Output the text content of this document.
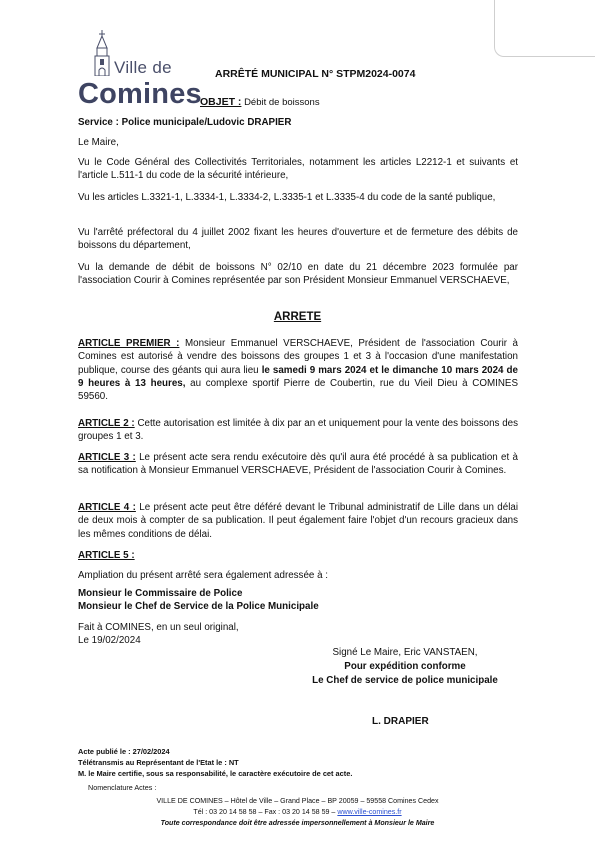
Ville de
Comines
ARRÊTÉ MUNICIPAL N° STPM2024-0074
OBJET : Débit de boissons
Service : Police municipale/Ludovic DRAPIER
Le Maire,
Vu le Code Général des Collectivités Territoriales, notamment les articles L2212-1 et suivants et l'article L.511-1 du code de la sécurité intérieure,
Vu les articles L.3321-1, L.3334-1, L.3334-2, L.3335-1 et L.3335-4 du code de la santé publique,
Vu l'arrêté préfectoral du 4 juillet 2002 fixant les heures d'ouverture et de fermeture des débits de boissons du département,
Vu la demande de débit de boissons N° 02/10 en date du 21 décembre 2023 formulée par l'association Courir à Comines représentée par son Président Monsieur Emmanuel VERSCHAEVE,
ARRETE
ARTICLE PREMIER : Monsieur Emmanuel VERSCHAEVE, Président de l'association Courir à Comines est autorisé à vendre des boissons des groupes 1 et 3 à l'occasion d'une manifestation publique, course des géants qui aura lieu le samedi 9 mars 2024 et le dimanche 10 mars 2024 de 9 heures à 13 heures, au complexe sportif Pierre de Coubertin, rue du Vieil Dieu à COMINES 59560.
ARTICLE 2 : Cette autorisation est limitée à dix par an et uniquement pour la vente des boissons des groupes 1 et 3.
ARTICLE 3 : Le présent acte sera rendu exécutoire dès qu'il aura été procédé à sa publication et à sa notification à Monsieur Emmanuel VERSCHAEVE, Président de l'association Courir à Comines.
ARTICLE 4 : Le présent acte peut être déféré devant le Tribunal administratif de Lille dans un délai de deux mois à compter de sa publication. Il peut également faire l'objet d'un recours gracieux dans les mêmes conditions de délai.
ARTICLE 5 :
Ampliation du présent arrêté sera également adressée à :
Monsieur le Commissaire de Police
Monsieur le Chef de Service de la Police Municipale
Fait à COMINES, en un seul original,
Le 19/02/2024
Signé Le Maire, Eric VANSTAEN,
Pour expédition conforme
Le Chef de service de police municipale
L. DRAPIER
Acte publié le : 27/02/2024
Télétransmis au Représentant de l'Etat le : NT
M. le Maire certifie, sous sa responsabilité, le caractère exécutoire de cet acte.
Nomenclature Actes :
VILLE DE COMINES – Hôtel de Ville – Grand Place – BP 20059 – 59558 Comines Cedex
Tél : 03 20 14 58 58 – Fax : 03 20 14 58 59 – www.ville-comines.fr
Toute correspondance doit être adressée impersonnellement à Monsieur le Maire
